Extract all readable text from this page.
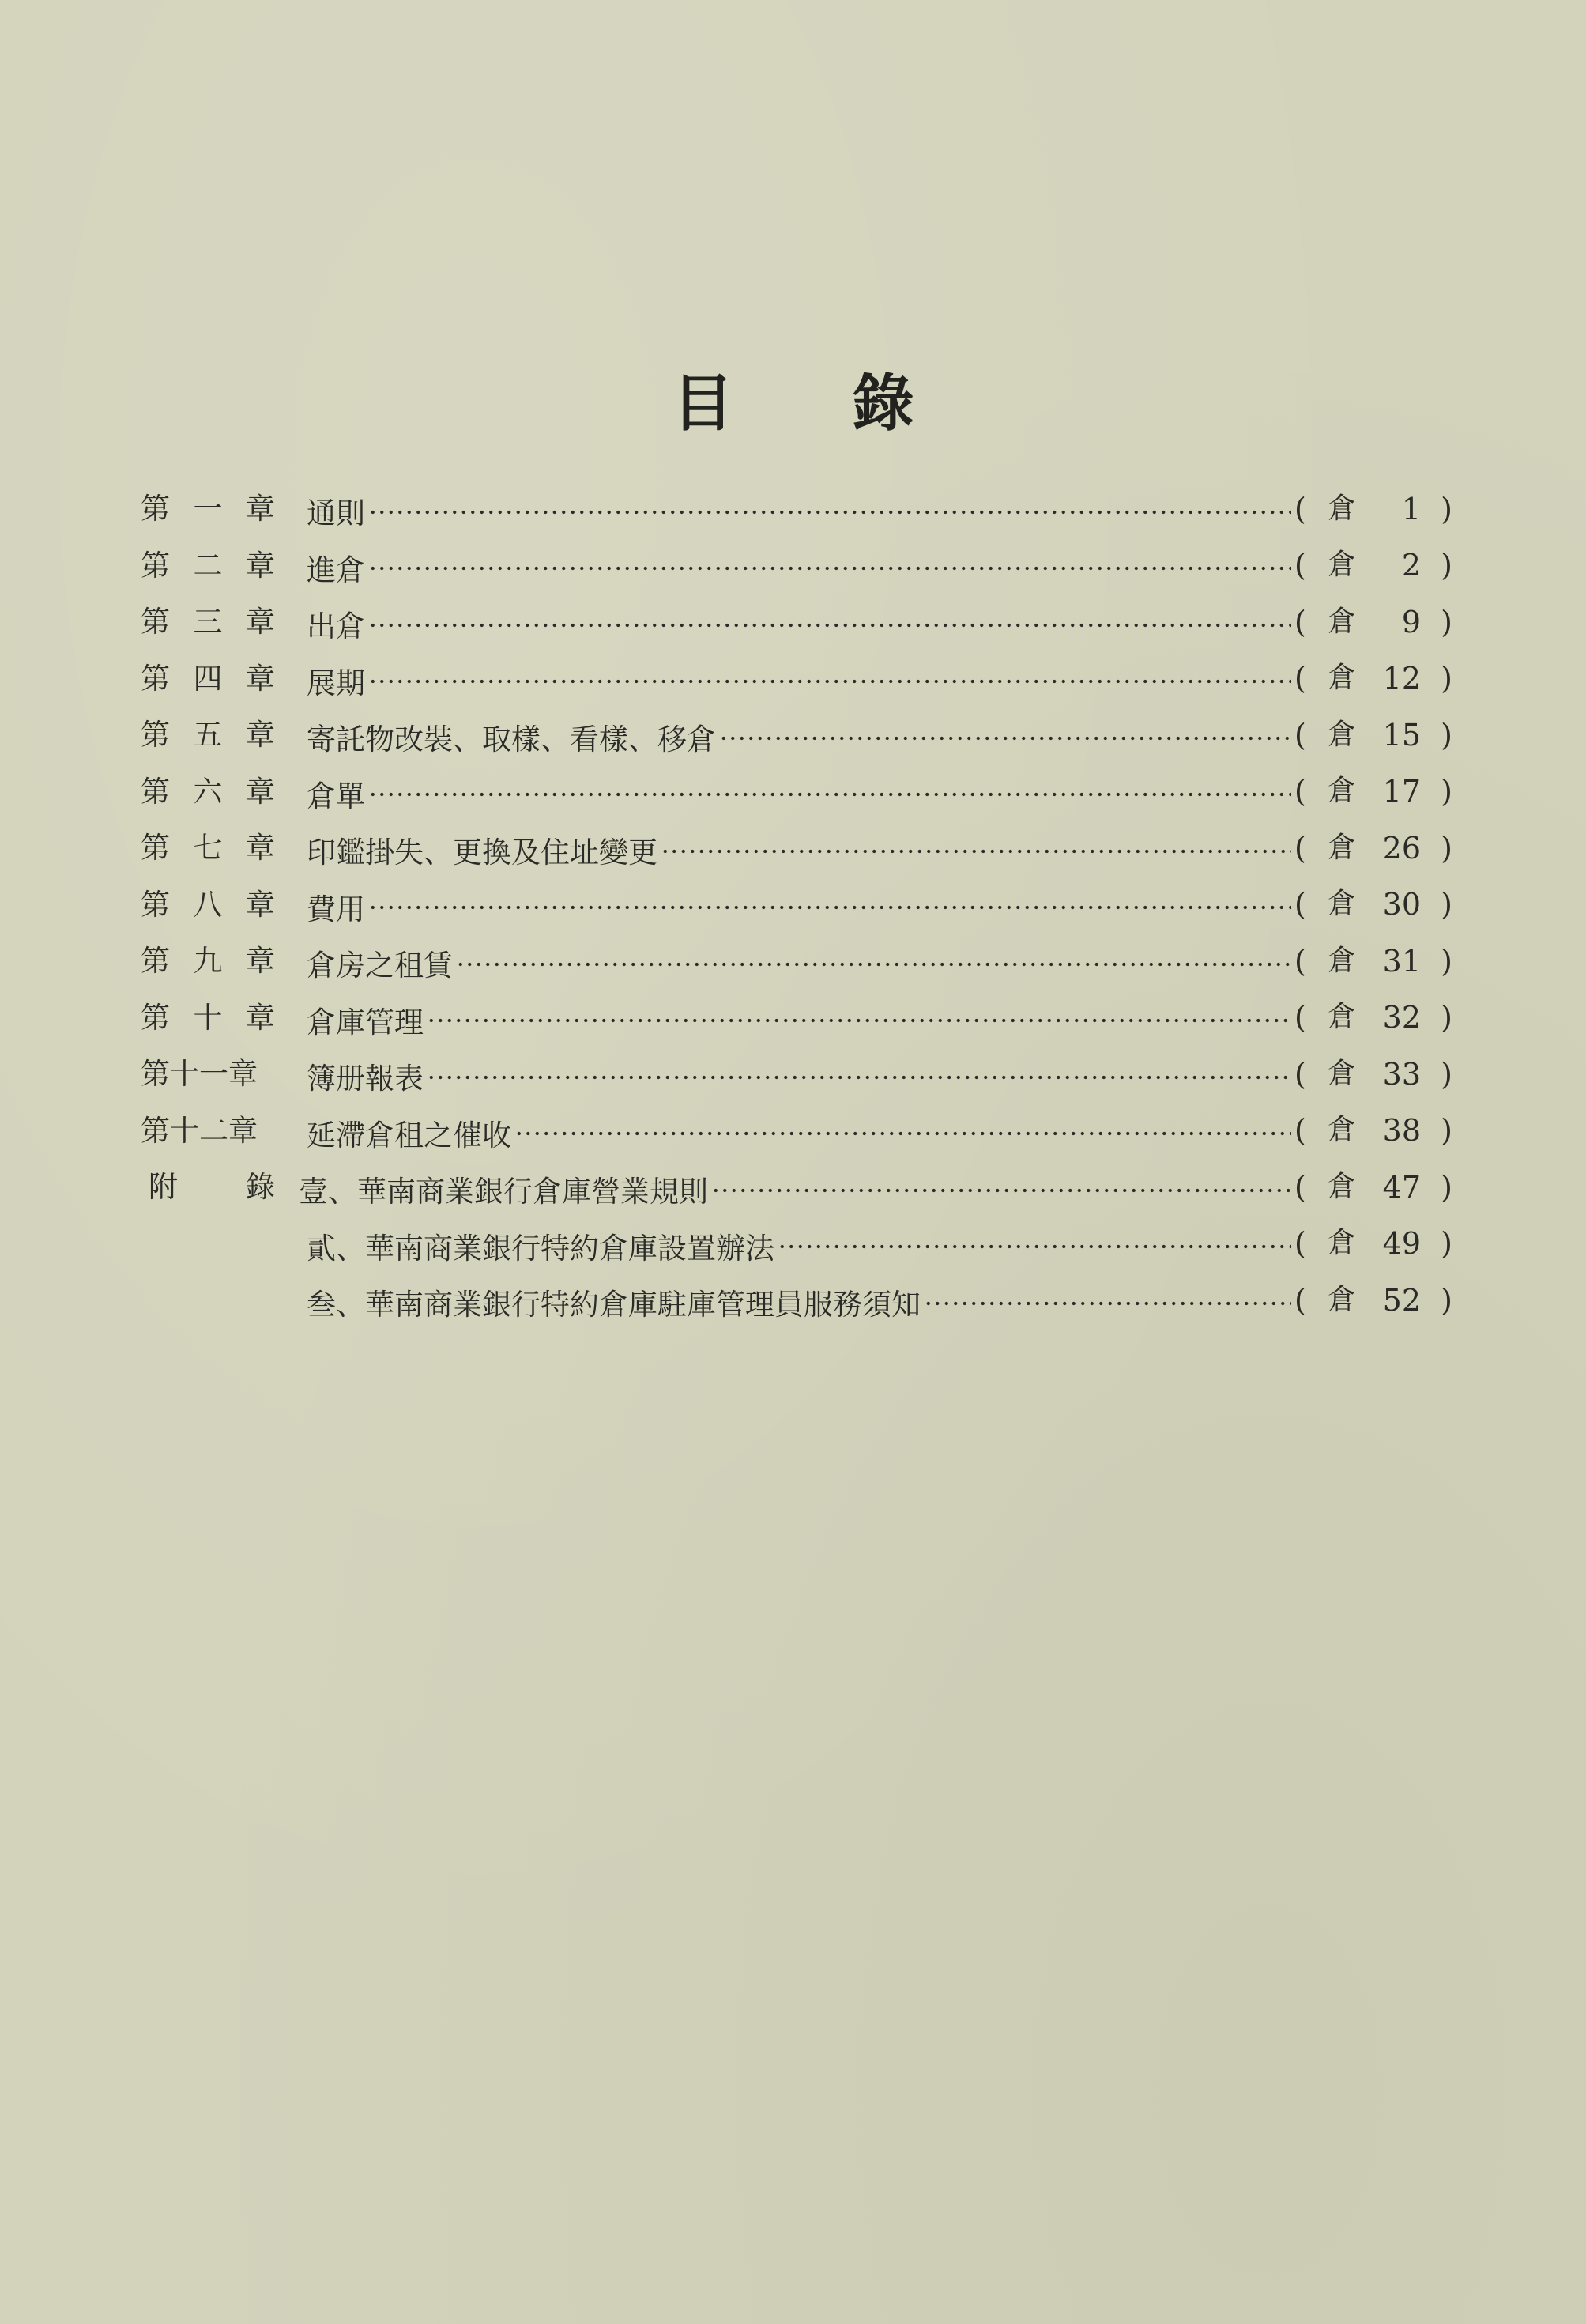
目 錄
第 一 章 通則	( 倉	1 )
第 二 章 進倉	( 倉	2 )
第 三 章 出倉	( 倉	9 )
第 四 章 展期	( 倉 12 )
第 五 章 寄託物改裝、取樣、看樣、移倉	( 倉 15 )
第 六 章 倉單	( 倉 17 )
第 七 章 印鑑掛失、更換及住址變更	( 倉 26 )
第 八 章 費用	( 倉 30 )
第 九 章 倉房之租賃	( 倉 31 )
第 十 章 倉庫管理	( 倉 32 )
第十一章 簿册報表	( 倉 33 )
第十二章 延滯倉租之催收	( 倉 38 )
附 錄 壹、華南商業銀行倉庫營業規則	( 倉 47 )
貳、華南商業銀行特約倉庫設置辦法	( 倉 49 )
叁、華南商業銀行特約倉庫駐庫管理員服務須知	( 倉 52 )
